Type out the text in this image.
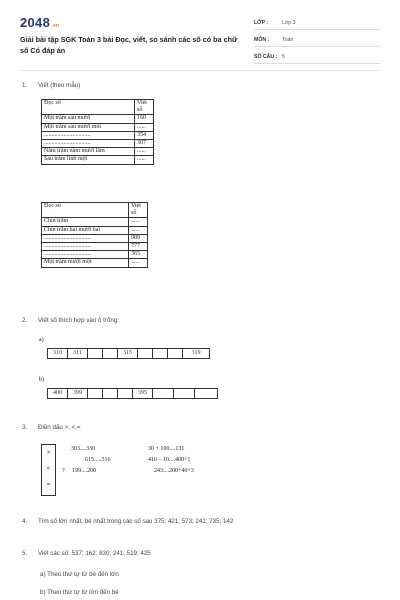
2048.vn
Giải bài tập SGK Toán 3 bài Đọc, viết, so sánh các số có ba chữ số Có đáp án
LỚP :	Lớp 3
MÔN :	Toán
SỐ CÂU : 5
1. Viết (theo mẫu)
Đọc số	Viết số
Một trăm sáu mươi	160
Một trăm sáu mươi mốt	......
...............................	354
...............................	307
Năm trăm năm mươi lăm	......
Sáu trăm linh một	......
Đọc số	Viết số
Chín trăm	......
Chín trăm hai mươi hai	......
...............................	909
...............................	777
...............................	365
Một trăm mười một	......
2. Viết số thích hợp vào ô trống:
a)
310	311	315	319
b)
400	399	395
3. Điền dấu >, <,=
>
<
=
303....330
615.....516
? 199....200
30 + 100....131
410 – 10....400+1
243....200+40+3
4. Tìm số lớn nhất, bé nhất trong các số sau 375; 421; 573; 241; 735; 142
5. Viết các số: 537; 162; 830; 241; 519; 425
a) Theo thứ tự từ bé đến lớn
b) Theo thứ tự từ lớn đến bé
